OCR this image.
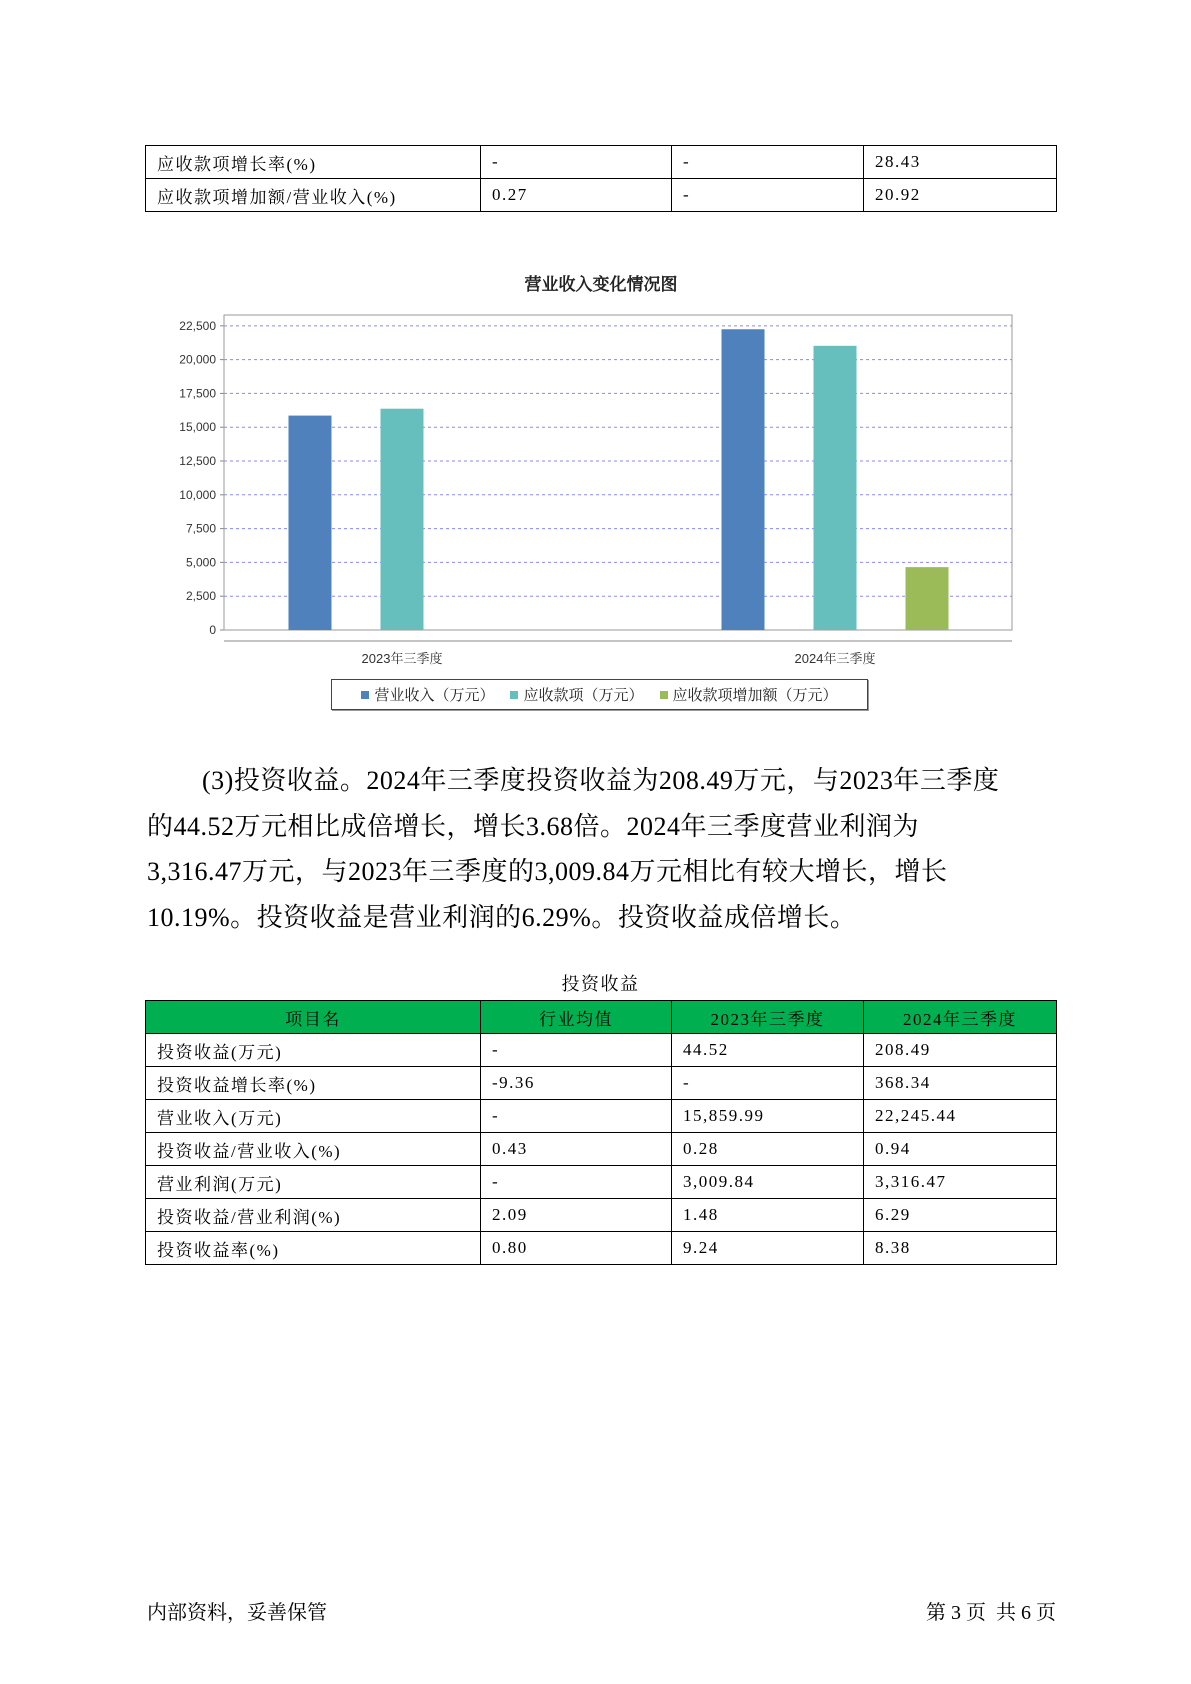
应收款项增长率(%)	-	-	28.43
应收款项增加额/营业收入(%)	0.27	-	20.92
营业收入变化情况图
0
2,500
5,000
7,500
10,000
12,500
15,000
17,500
20,000
22,500
2023年三季度	2024年三季度
营业收入（万元） 应收款项（万元） 应收款项增加额（万元）
(3)投资收益。2024年三季度投资收益为208.49万元，与2023年三季度
的44.52万元相比成倍增长，增长3.68倍。2024年三季度营业利润为
3,316.47万元，与2023年三季度的3,009.84万元相比有较大增长，增长
10.19%。投资收益是营业利润的6.29%。投资收益成倍增长。
投资收益
项目名	行业均值	2023年三季度	2024年三季度
投资收益(万元)	-	44.52	208.49
投资收益增长率(%)	-9.36	-	368.34
营业收入(万元)	-	15,859.99	22,245.44
投资收益/营业收入(%)	0.43	0.28	0.94
营业利润(万元)	-	3,009.84	3,316.47
投资收益/营业利润(%)	2.09	1.48	6.29
投资收益率(%)	0.80	9.24	8.38
内部资料，妥善保管	第 3 页  共 6 页
